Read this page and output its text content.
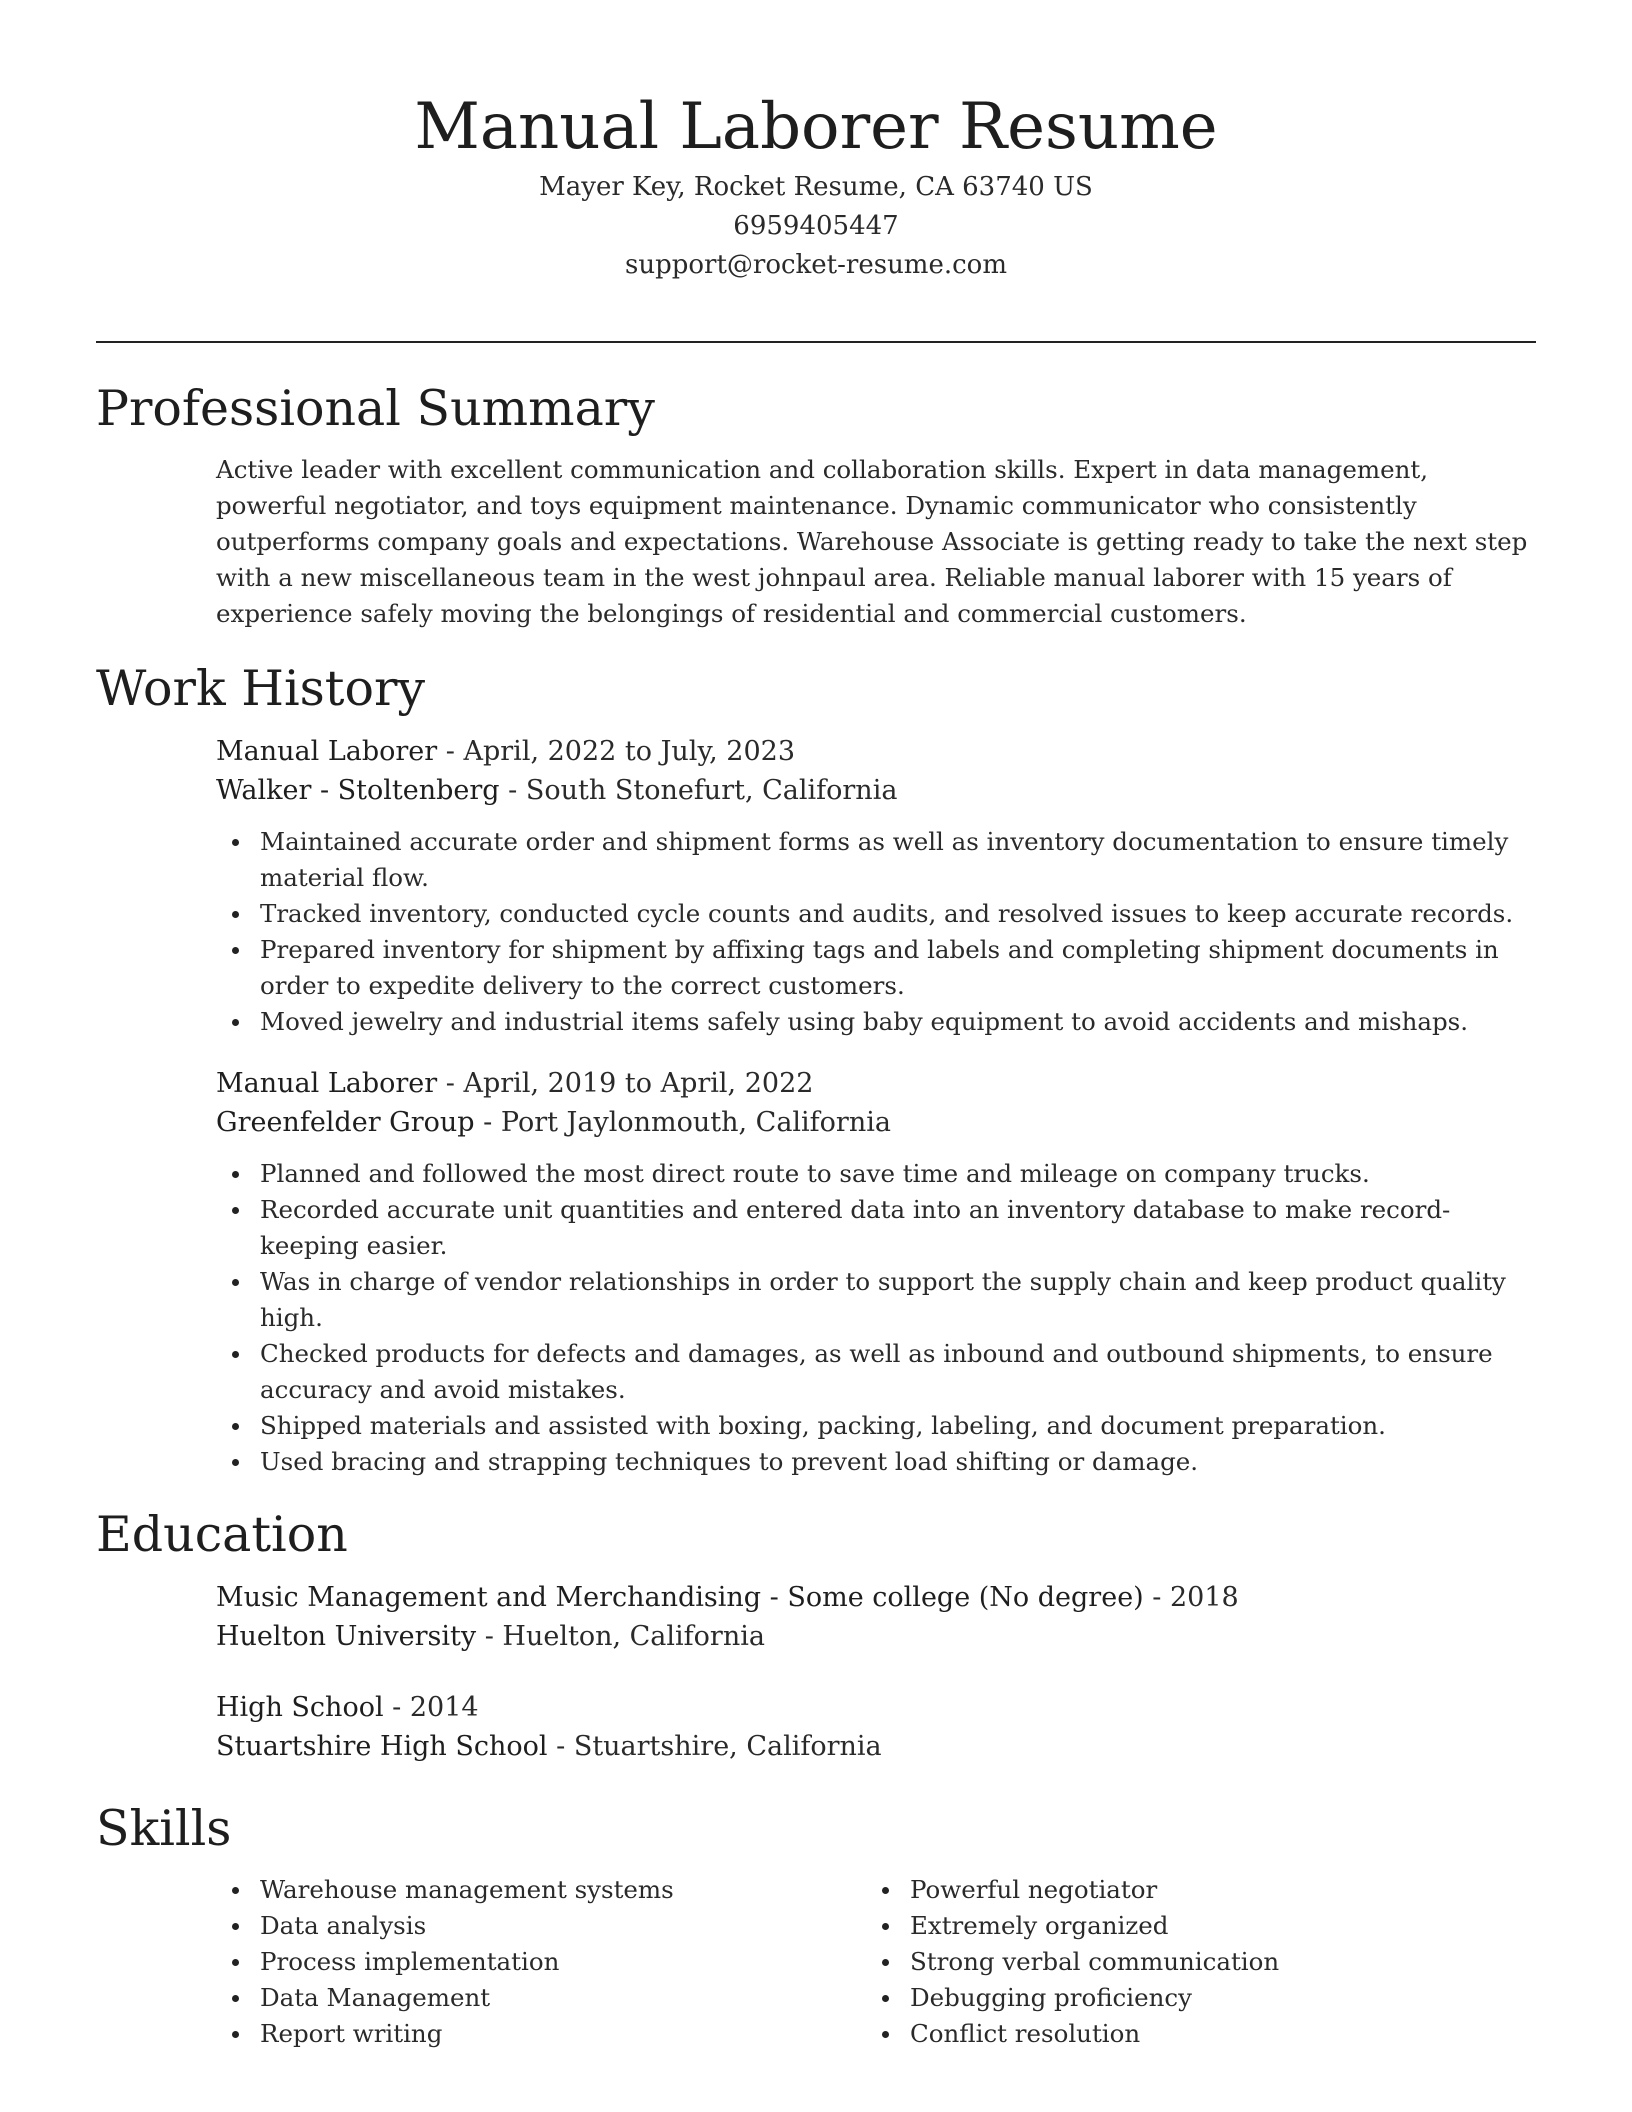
Manual Laborer Resume
Mayer Key, Rocket Resume, CA 63740 US
6959405447
support@rocket-resume.com
Professional Summary
Active leader with excellent communication and collaboration skills. Expert in data management, powerful negotiator, and toys equipment maintenance. Dynamic communicator who consistently outperforms company goals and expectations. Warehouse Associate is getting ready to take the next step with a new miscellaneous team in the west johnpaul area. Reliable manual laborer with 15 years of experience safely moving the belongings of residential and commercial customers.
Work History
Manual Laborer - April, 2022 to July, 2023
Walker - Stoltenberg - South Stonefurt, California
Maintained accurate order and shipment forms as well as inventory documentation to ensure timely material flow.
Tracked inventory, conducted cycle counts and audits, and resolved issues to keep accurate records.
Prepared inventory for shipment by affixing tags and labels and completing shipment documents in order to expedite delivery to the correct customers.
Moved jewelry and industrial items safely using baby equipment to avoid accidents and mishaps.
Manual Laborer - April, 2019 to April, 2022
Greenfelder Group - Port Jaylonmouth, California
Planned and followed the most direct route to save time and mileage on company trucks.
Recorded accurate unit quantities and entered data into an inventory database to make record-keeping easier.
Was in charge of vendor relationships in order to support the supply chain and keep product quality high.
Checked products for defects and damages, as well as inbound and outbound shipments, to ensure accuracy and avoid mistakes.
Shipped materials and assisted with boxing, packing, labeling, and document preparation.
Used bracing and strapping techniques to prevent load shifting or damage.
Education
Music Management and Merchandising - Some college (No degree) - 2018
Huelton University - Huelton, California
High School - 2014
Stuartshire High School - Stuartshire, California
Skills
Warehouse management systems
Data analysis
Process implementation
Data Management
Report writing
Powerful negotiator
Extremely organized
Strong verbal communication
Debugging proficiency
Conflict resolution
